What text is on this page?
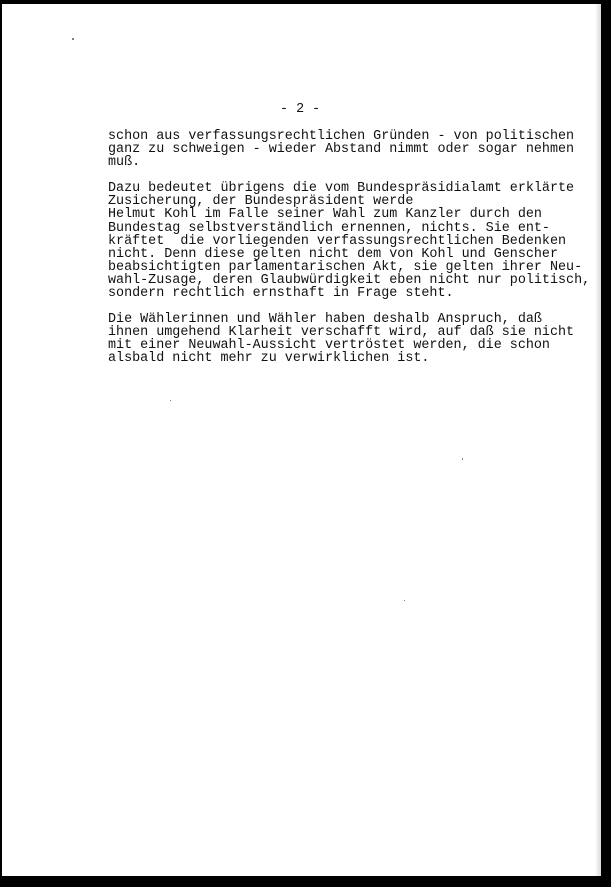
- 2 -

schon aus verfassungsrechtlichen Gründen - von politischen
ganz zu schweigen - wieder Abstand nimmt oder sogar nehmen
muß.

Dazu bedeutet übrigens die vom Bundespräsidialamt erklärte
Zusicherung, der Bundespräsident werde
Helmut Kohl im Falle seiner Wahl zum Kanzler durch den
Bundestag selbstverständlich ernennen, nichts. Sie ent-
kräftet  die vorliegenden verfassungsrechtlichen Bedenken
nicht. Denn diese gelten nicht dem von Kohl und Genscher
beabsichtigten parlamentarischen Akt, sie gelten ihrer Neu-
wahl-Zusage, deren Glaubwürdigkeit eben nicht nur politisch,
sondern rechtlich ernsthaft in Frage steht.

Die Wählerinnen und Wähler haben deshalb Anspruch, daß
ihnen umgehend Klarheit verschafft wird, auf daß sie nicht
mit einer Neuwahl-Aussicht vertröstet werden, die schon
alsbald nicht mehr zu verwirklichen ist.
